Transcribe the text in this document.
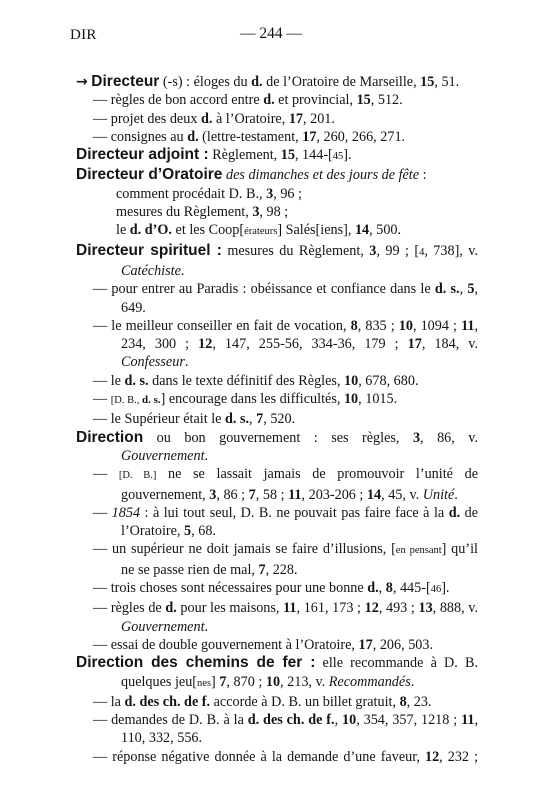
DIR	— 244 —
→ Directeur (-s) : éloges du d. de l’Oratoire de Marseille, 15, 51.
— règles de bon accord entre d. et provincial, 15, 512.
— projet des deux d. à l’Oratoire, 17, 201.
— consignes au d. (lettre-testament, 17, 260, 266, 271.
Directeur adjoint : Règlement, 15, 144-[45].
Directeur d’Oratoire des dimanches et des jours de fête :
comment procédait D. B., 3, 96 ;
mesures du Règlement, 3, 98 ;
le d. d’O. et les Coop[érateurs] Salés[iens], 14, 500.
Directeur spirituel : mesures du Règlement, 3, 99 ; [4, 738], v. Catéchiste.
— pour entrer au Paradis : obéissance et confiance dans le d. s., 5, 649.
— le meilleur conseiller en fait de vocation, 8, 835 ; 10, 1094 ; 11, 234, 300 ; 12, 147, 255-56, 334-36, 179 ; 17, 184, v. Confesseur.
— le d. s. dans le texte définitif des Règles, 10, 678, 680.
— [D. B., d. s.] encourage dans les difficultés, 10, 1015.
— le Supérieur était le d. s., 7, 520.
Direction ou bon gouvernement : ses règles, 3, 86, v. Gouvernement.
— [D. B.] ne se lassait jamais de promouvoir l’unité de gouvernement, 3, 86 ; 7, 58 ; 11, 203-206 ; 14, 45, v. Unité.
— 1854 : à lui tout seul, D. B. ne pouvait pas faire face à la d. de l’Oratoire, 5, 68.
— un supérieur ne doit jamais se faire d’illusions, [en pensant] qu’il ne se passe rien de mal, 7, 228.
— trois choses sont nécessaires pour une bonne d., 8, 445-[46].
— règles de d. pour les maisons, 11, 161, 173 ; 12, 493 ; 13, 888, v. Gouvernement.
— essai de double gouvernement à l’Oratoire, 17, 206, 503.
Direction des chemins de fer : elle recommande à D. B. quelques jeu[nes] 7, 870 ; 10, 213, v. Recommandés.
— la d. des ch. de f. accorde à D. B. un billet gratuit, 8, 23.
— demandes de D. B. à la d. des ch. de f., 10, 354, 357, 1218 ; 11, 110, 332, 556.
— réponse négative donnée à la demande d’une faveur, 12, 232 ;
